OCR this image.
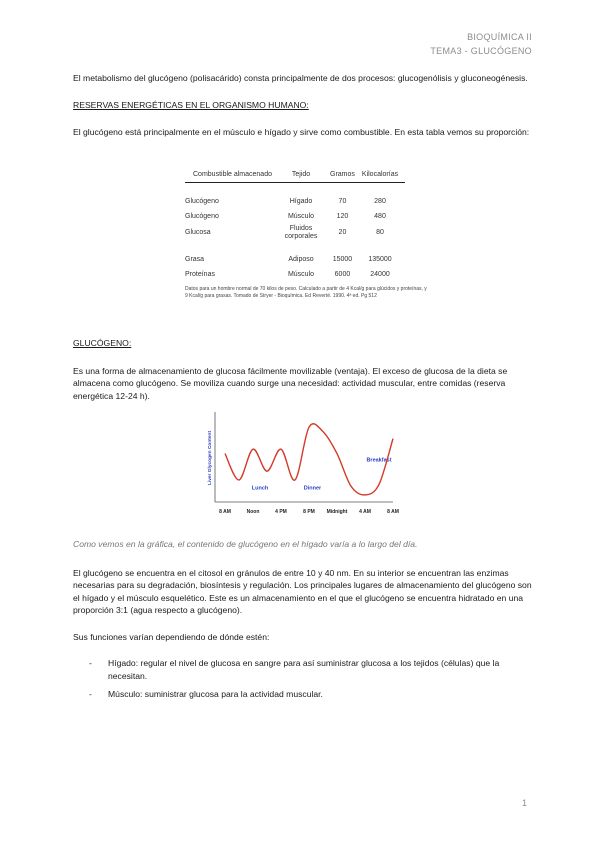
BIOQUÍMICA II
TEMA3 - GLUCÓGENO

El metabolismo del glucógeno (polisacárido) consta principalmente de dos procesos: glucogenólisis y gluconeogénesis.

RESERVAS ENERGÉTICAS EN EL ORGANISMO HUMANO:

El glucógeno está principalmente en el músculo e hígado y sirve como combustible. En esta tabla vemos su proporción:

Combustible almacenado	Tejido	Gramos	Kilocalorías

Glucógeno	Hígado	70	280
Glucógeno	Músculo	120	480
Glucosa	Fluidos corporales	20	80

Grasa	Adiposo	15000	135000
Proteínas	Músculo	6000	24000

Datos para un hombre normal de 70 kilos de peso. Calculado a partir de 4 Kcal/g para glúcidos y proteínas, y 9 Kcal/g para grasas. Tomado de Stryer - Bioquímica. Ed Reverté. 1990. 4ª ed. Pg 512

GLUCÓGENO:

Es una forma de almacenamiento de glucosa fácilmente movilizable (ventaja). El exceso de glucosa de la dieta se almacena como glucógeno. Se moviliza cuando surge una necesidad: actividad muscular, entre comidas (reserva energética 12-24 h).

Liver Glycogen Content
8 AM	Noon	4 PM	8 PM Midnight 4 AM	8 AM
Lunch	Dinner
Breakfast

Como vemos en la gráfica, el contenido de glucógeno en el hígado varía a lo largo del día.

El glucógeno se encuentra en el citosol en gránulos de entre 10 y 40 nm. En su interior se encuentran las enzimas necesarias para su degradación, biosíntesis y regulación. Los principales lugares de almacenamiento del glucógeno son el hígado y el músculo esquelético. Este es un almacenamiento en el que el glucógeno se encuentra hidratado en una proporción 3:1 (agua respecto a glucógeno).

Sus funciones varían dependiendo de dónde estén:

- Hígado: regular el nivel de glucosa en sangre para así suministrar glucosa a los tejidos (células) que la necesitan.
- Músculo: suministrar glucosa para la actividad muscular.
1
